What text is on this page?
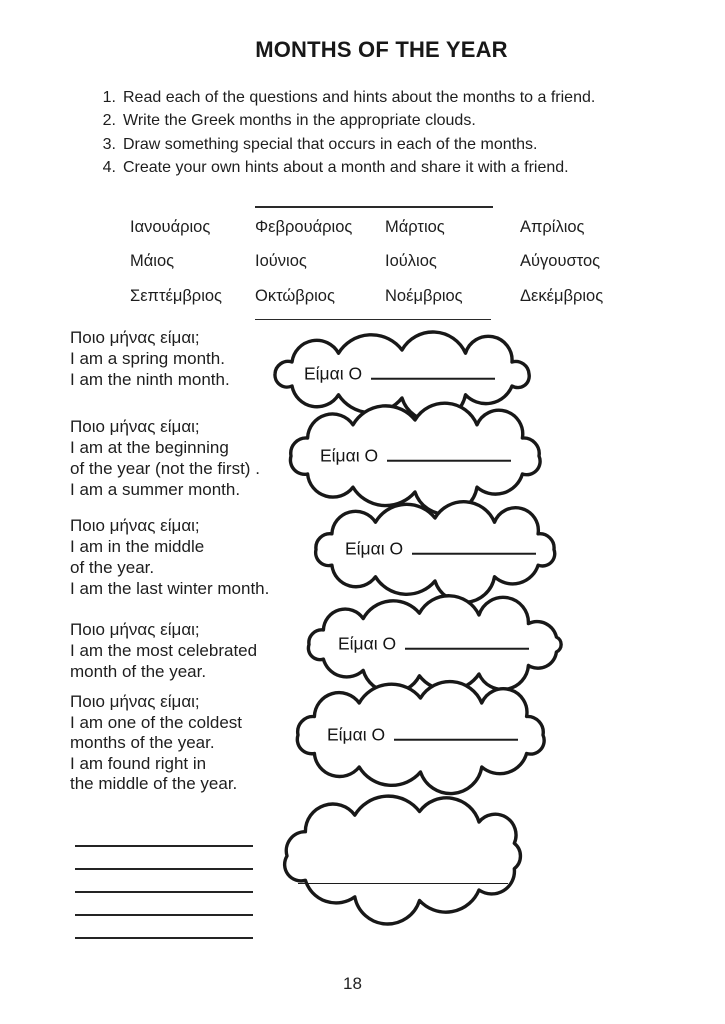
MONTHS OF THE YEAR
1. Read each of the questions and hints about the months to a friend.
2. Write the Greek months in the appropriate clouds.
3. Draw something special that occurs in each of the months.
4. Create your own hints about a month and share it with a friend.
Ιανουάριος	Φεβρουάριος	Μάρτιος	Απρίλιος
Μάιος	Ιούνιος	Ιούλιος	Αύγουστος
Σεπτέμβριος	Οκτώβριος	Νοέμβριος	Δεκέμβριος
Ποιο μήνας είμαι;
I am a spring month.
I am the ninth month.
Ποιο μήνας είμαι;
I am at the beginning
of the year (not the first) .
I am a summer month.
Ποιο μήνας είμαι;
I am in the middle
of the year.
I am the last winter month.
Ποιο μήνας είμαι;
I am the most celebrated
month of the year.
Ποιο μήνας είμαι;
I am one of the coldest
months of the year.
I am found right in
the middle of the year.
Είμαι Ο
Είμαι Ο
Είμαι Ο
Είμαι Ο
Είμαι Ο
18
